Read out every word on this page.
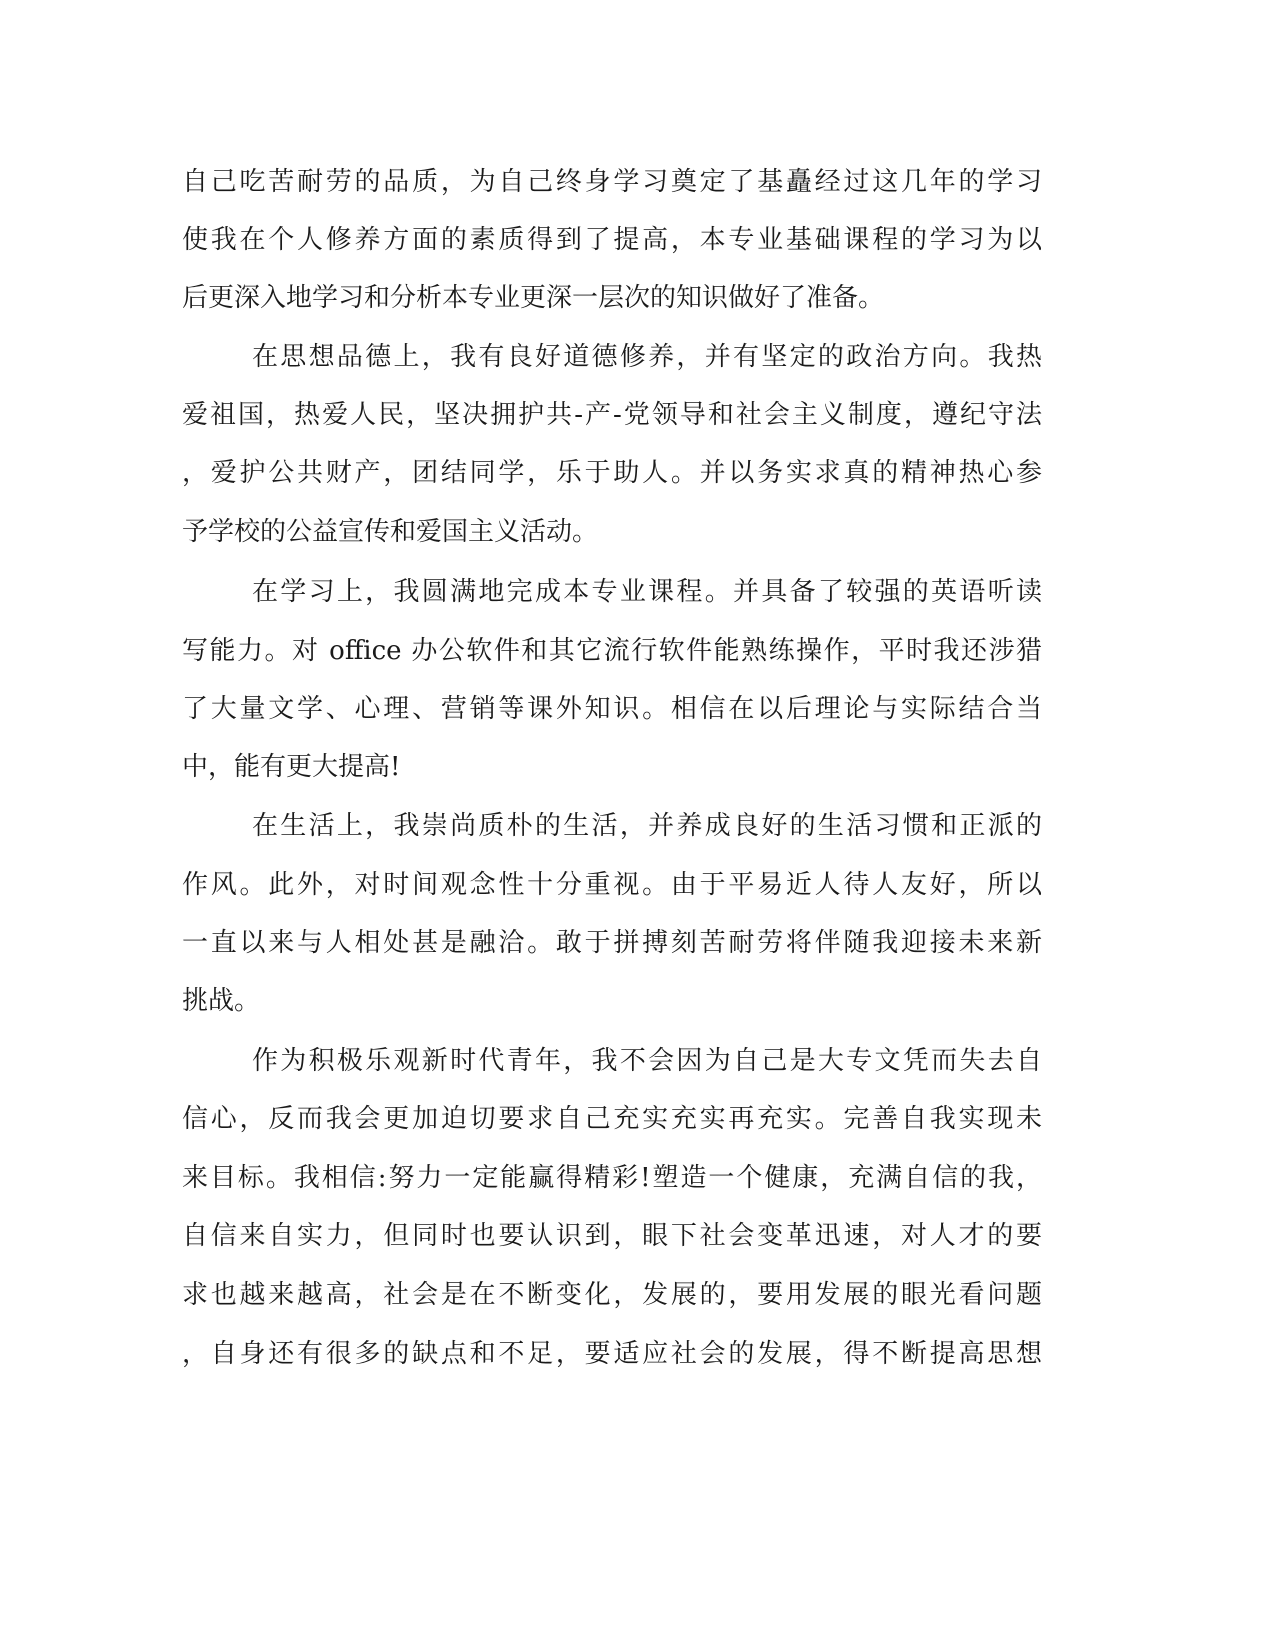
自己吃苦耐劳的品质，为自己终身学习奠定了基矗经过这几年的学习
使我在个人修养方面的素质得到了提高，本专业基础课程的学习为以
后更深入地学习和分析本专业更深一层次的知识做好了准备。
在思想品德上，我有良好道德修养，并有坚定的政治方向。我热
爱祖国，热爱人民，坚决拥护共-产-党领导和社会主义制度，遵纪守法
，爱护公共财产，团结同学，乐于助人。并以务实求真的精神热心参
予学校的公益宣传和爱国主义活动。
在学习上，我圆满地完成本专业课程。并具备了较强的英语听读
写能力。对 office 办公软件和其它流行软件能熟练操作，平时我还涉猎
了大量文学、心理、营销等课外知识。相信在以后理论与实际结合当
中，能有更大提高!
在生活上，我崇尚质朴的生活，并养成良好的生活习惯和正派的
作风。此外，对时间观念性十分重视。由于平易近人待人友好，所以
一直以来与人相处甚是融洽。敢于拼搏刻苦耐劳将伴随我迎接未来新
挑战。
作为积极乐观新时代青年，我不会因为自己是大专文凭而失去自
信心，反而我会更加迫切要求自己充实充实再充实。完善自我实现未
来目标。我相信:努力一定能赢得精彩!塑造一个健康，充满自信的我，
自信来自实力，但同时也要认识到，眼下社会变革迅速，对人才的要
求也越来越高，社会是在不断变化，发展的，要用发展的眼光看问题
，自身还有很多的缺点和不足，要适应社会的发展，得不断提高思想
